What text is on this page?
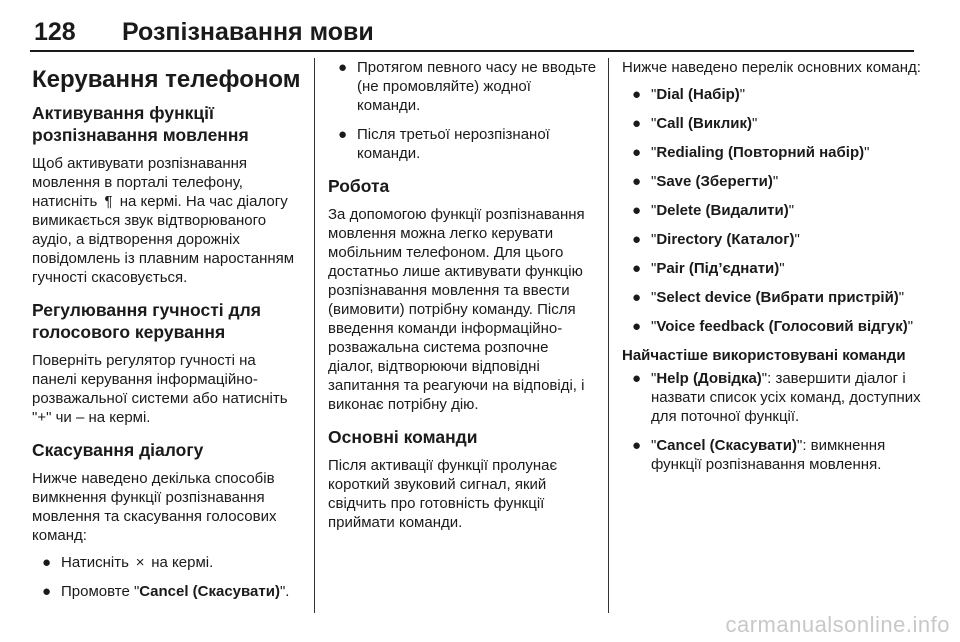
128 Розпізнавання мови
Керування телефоном
Активування функції розпізнавання мовлення

Щоб активувати розпізнавання мовлення в порталі телефону, натисніть ¶ на кермі. На час діалогу вимикається звук відтворюваного аудіо, а відтворення дорожніх повідомлень із плавним наростанням гучності скасовується.

Регулювання гучності для голосового керування

Поверніть регулятор гучності на панелі керування інформаційно-розважальної системи або натисніть "+" чи – на кермі.

Скасування діалогу

Нижче наведено декілька способів вимкнення функції розпізнавання мовлення та скасування голосових команд:

● Натисніть × на кермі.
● Промовте "Cancel (Скасувати)".
● Протягом певного часу не вводьте (не промовляйте) жодної команди.
● Після третьої нерозпізнаної команди.
Робота

За допомогою функції розпізнавання мовлення можна легко керувати мобільним телефоном. Для цього достатньо лише активувати функцію розпізнавання мовлення та ввести (вимовити) потрібну команду. Після введення команди інформаційно-розважальна система розпочне діалог, відтворюючи відповідні запитання та реагуючи на відповіді, і виконає потрібну дію.

Основні команди

Після активації функції пролунає короткий звуковий сигнал, який свідчить про готовність функції приймати команди.

Нижче наведено перелік основних команд:

● "Dial (Набір)"
● "Call (Виклик)"
● "Redialing (Повторний набір)"
● "Save (Зберегти)"
● "Delete (Видалити)"
● "Directory (Каталог)"
● "Pair (Під’єднати)"
● "Select device (Вибрати пристрій)"
● "Voice feedback (Голосовий відгук)"
Найчастіше використовувані команди
● "Help (Довідка)": завершити діалог і назвати список усіх команд, доступних для поточної функції.
● "Cancel (Скасувати)": вимкнення функції розпізнавання мовлення.
carmanualsonline.info
